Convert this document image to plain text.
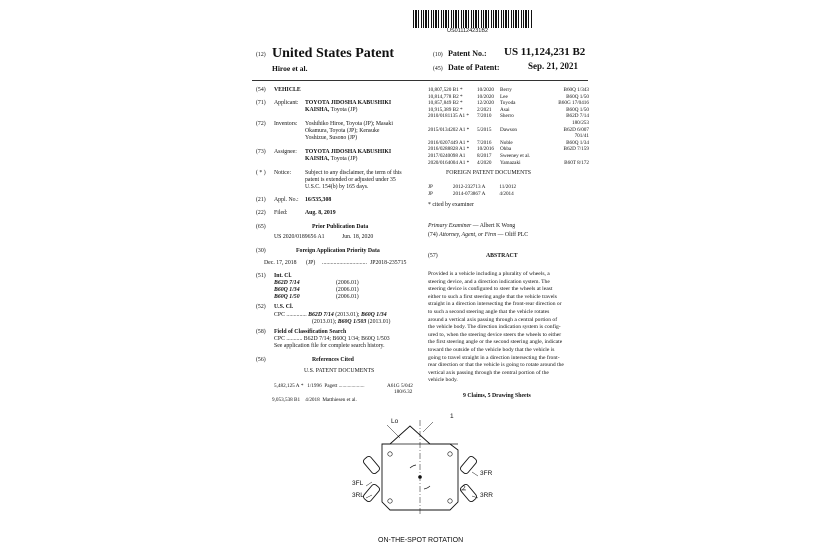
US011124231B2
(12) United States Patent
Hiroe et al.
(10) Patent No.: US 11,124,231 B2
(45) Date of Patent:	Sep. 21, 2021
(54) VEHICLE
(71) Applicant: TOYOTA JIDOSHA KABUSHIKI
KAISHA, Toyota (JP)
(72) Inventors: Yoshihiko Hiroe, Toyota (JP); Masaki
Okamura, Toyota (JP); Kensuke
Yoshizue, Susono (JP)
(73) Assignee: TOYOTA JIDOSHA KABUSHIKI
KAISHA, Toyota (JP)
( * ) Notice: Subject to any disclaimer, the term of this
patent is extended or adjusted under 35
U.S.C. 154(b) by 165 days.
(21) Appl. No.: 16/535,308
(22) Filed:	Aug. 8, 2019
(65)	Prior Publication Data
US 2020/0189656 A1	Jun. 18, 2020
(30)	Foreign Application Priority Data
Dec. 17, 2018 (JP) ............................... JP2018-235715
(51) Int. Cl.
B62D 7/14	(2006.01)
B60Q 1/34	(2006.01)
B60Q 1/50	(2006.01)
(52) U.S. Cl.
CPC .............. B62D 7/14 (2013.01); B60Q 1/34
(2013.01); B60Q 1/503 (2013.01)
(58) Field of Classification Search
CPC ........... B62D 7/14; B60Q 1/34; B60Q 1/503
See application file for complete search history.
(56)	References Cited
U.S. PATENT DOCUMENTS
5,482,125 A * 1/1996 Pagett ....................	A61G 5/042
180/6.32
9,053,538 B1 4/2018 Matthiesen et al.
10,807,520 B1 *	10/2020 Berry	B60Q 1/343
10,814,778 B2 *	10/2020 Lee	B60Q 1/50
10,857,849 B2 *	12/2020 Toyoda	B60G 17/0416
10,915,389 B2 *	2/2021 Asai	B60Q 1/50
2010/0181135 A1 * 7/2010 Sherro	B62D 7/14
180/253
2015/0134202 A1 * 5/2015 Dawson	B62D 6/007
701/41
2016/0207449 A1 * 7/2016 Noble	B60Q 1/34
2016/0288828 A1 * 10/2016 Ohba	B62D 7/159
2017/0240098 A1 8/2017 Sweeney et al.
2020/0164004 A1 * 4/2020 Yamazaki	B60T 8/172
FOREIGN PATENT DOCUMENTS
JP	2012-232713 A	11/2012
JP	2014-073867 A	4/2014
* cited by examiner
Primary Examiner — Albert K Wong
(74) Attorney, Agent, or Firm — Oliff PLC
(57)	ABSTRACT
Provided is a vehicle including a plurality of wheels, a
steering device, and a direction indication system. The
steering device is configured to steer the wheels at least
either to such a first steering angle that the vehicle travels
straight in a direction intersecting the front-rear direction or
to such a second steering angle that the vehicle rotates
around a vertical axis passing through a central portion of
the vehicle body. The direction indication system is config-
ured to, when the steering device steers the wheels to either
the first steering angle or the second steering angle, indicate
toward the outside of the vehicle body that the vehicle is
going to travel straight in a direction intersecting the front-
rear direction or that the vehicle is going to rotate around the
vertical axis passing through the central portion of the
vehicle body.
9 Claims, 5 Drawing Sheets
1
Lo
3FL
3RL
3FR
2
3RR
ON-THE-SPOT ROTATION
